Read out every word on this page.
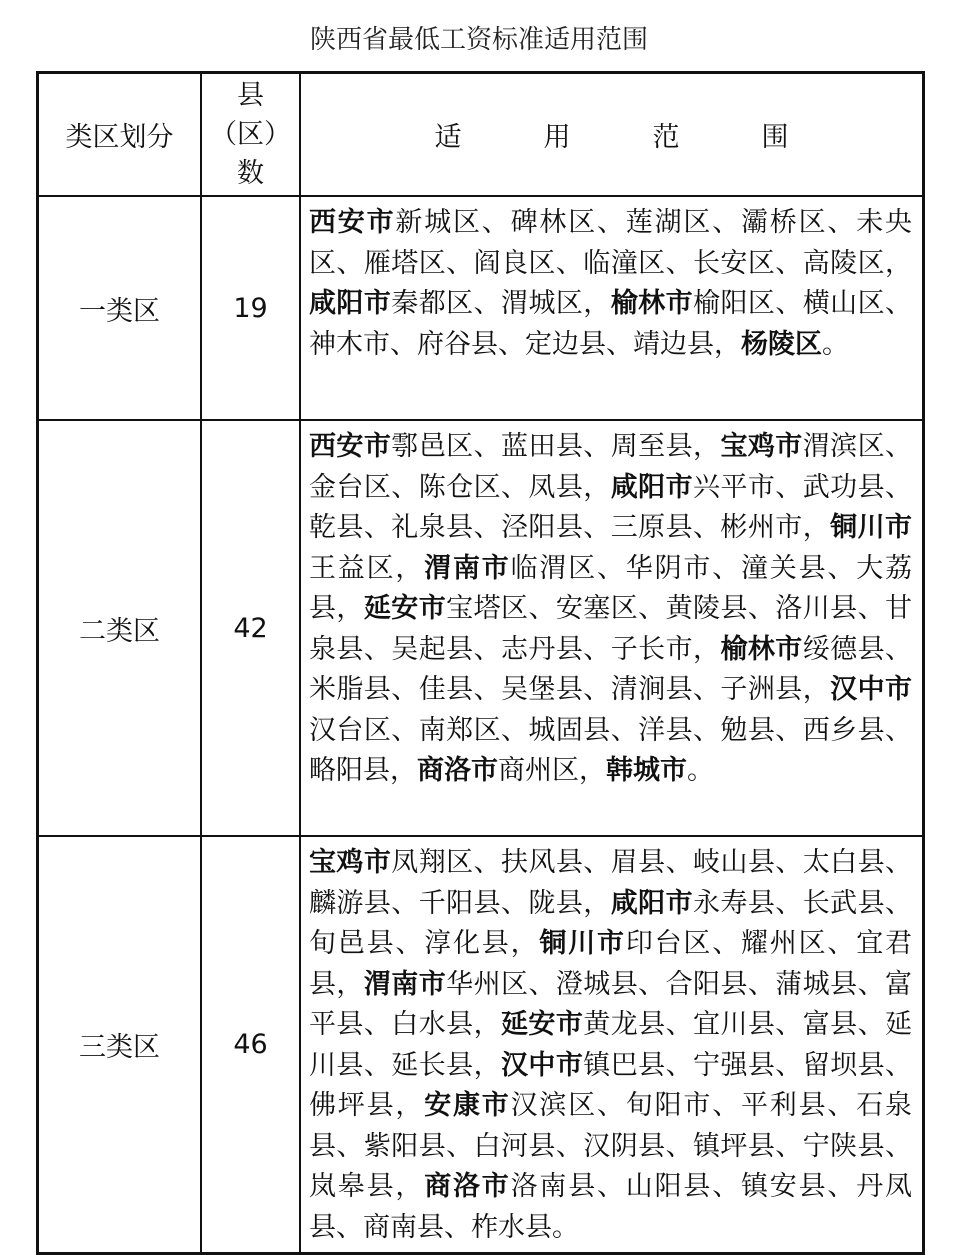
陕西省最低工资标准适用范围
类区划分	县
（区）
数	适用范围
一类区	19	西安市新城区、碑林区、莲湖区、灞桥区、未央区、雁塔区、阎良区、临潼区、长安区、高陵区，咸阳市秦都区、渭城区，榆林市榆阳区、横山区、神木市、府谷县、定边县、靖边县，杨陵区。
二类区	42	西安市鄠邑区、蓝田县、周至县，宝鸡市渭滨区、金台区、陈仓区、凤县，咸阳市兴平市、武功县、乾县、礼泉县、泾阳县、三原县、彬州市，铜川市王益区，渭南市临渭区、华阴市、潼关县、大荔县，延安市宝塔区、安塞区、黄陵县、洛川县、甘泉县、吴起县、志丹县、子长市，榆林市绥德县、米脂县、佳县、吴堡县、清涧县、子洲县，汉中市汉台区、南郑区、城固县、洋县、勉县、西乡县、略阳县，商洛市商州区，韩城市。
三类区	46	宝鸡市凤翔区、扶风县、眉县、岐山县、太白县、麟游县、千阳县、陇县，咸阳市永寿县、长武县、旬邑县、淳化县，铜川市印台区、耀州区、宜君县，渭南市华州区、澄城县、合阳县、蒲城县、富平县、白水县，延安市黄龙县、宜川县、富县、延川县、延长县，汉中市镇巴县、宁强县、留坝县、佛坪县，安康市汉滨区、旬阳市、平利县、石泉县、紫阳县、白河县、汉阴县、镇坪县、宁陕县、岚皋县，商洛市洛南县、山阳县、镇安县、丹凤县、商南县、柞水县。
